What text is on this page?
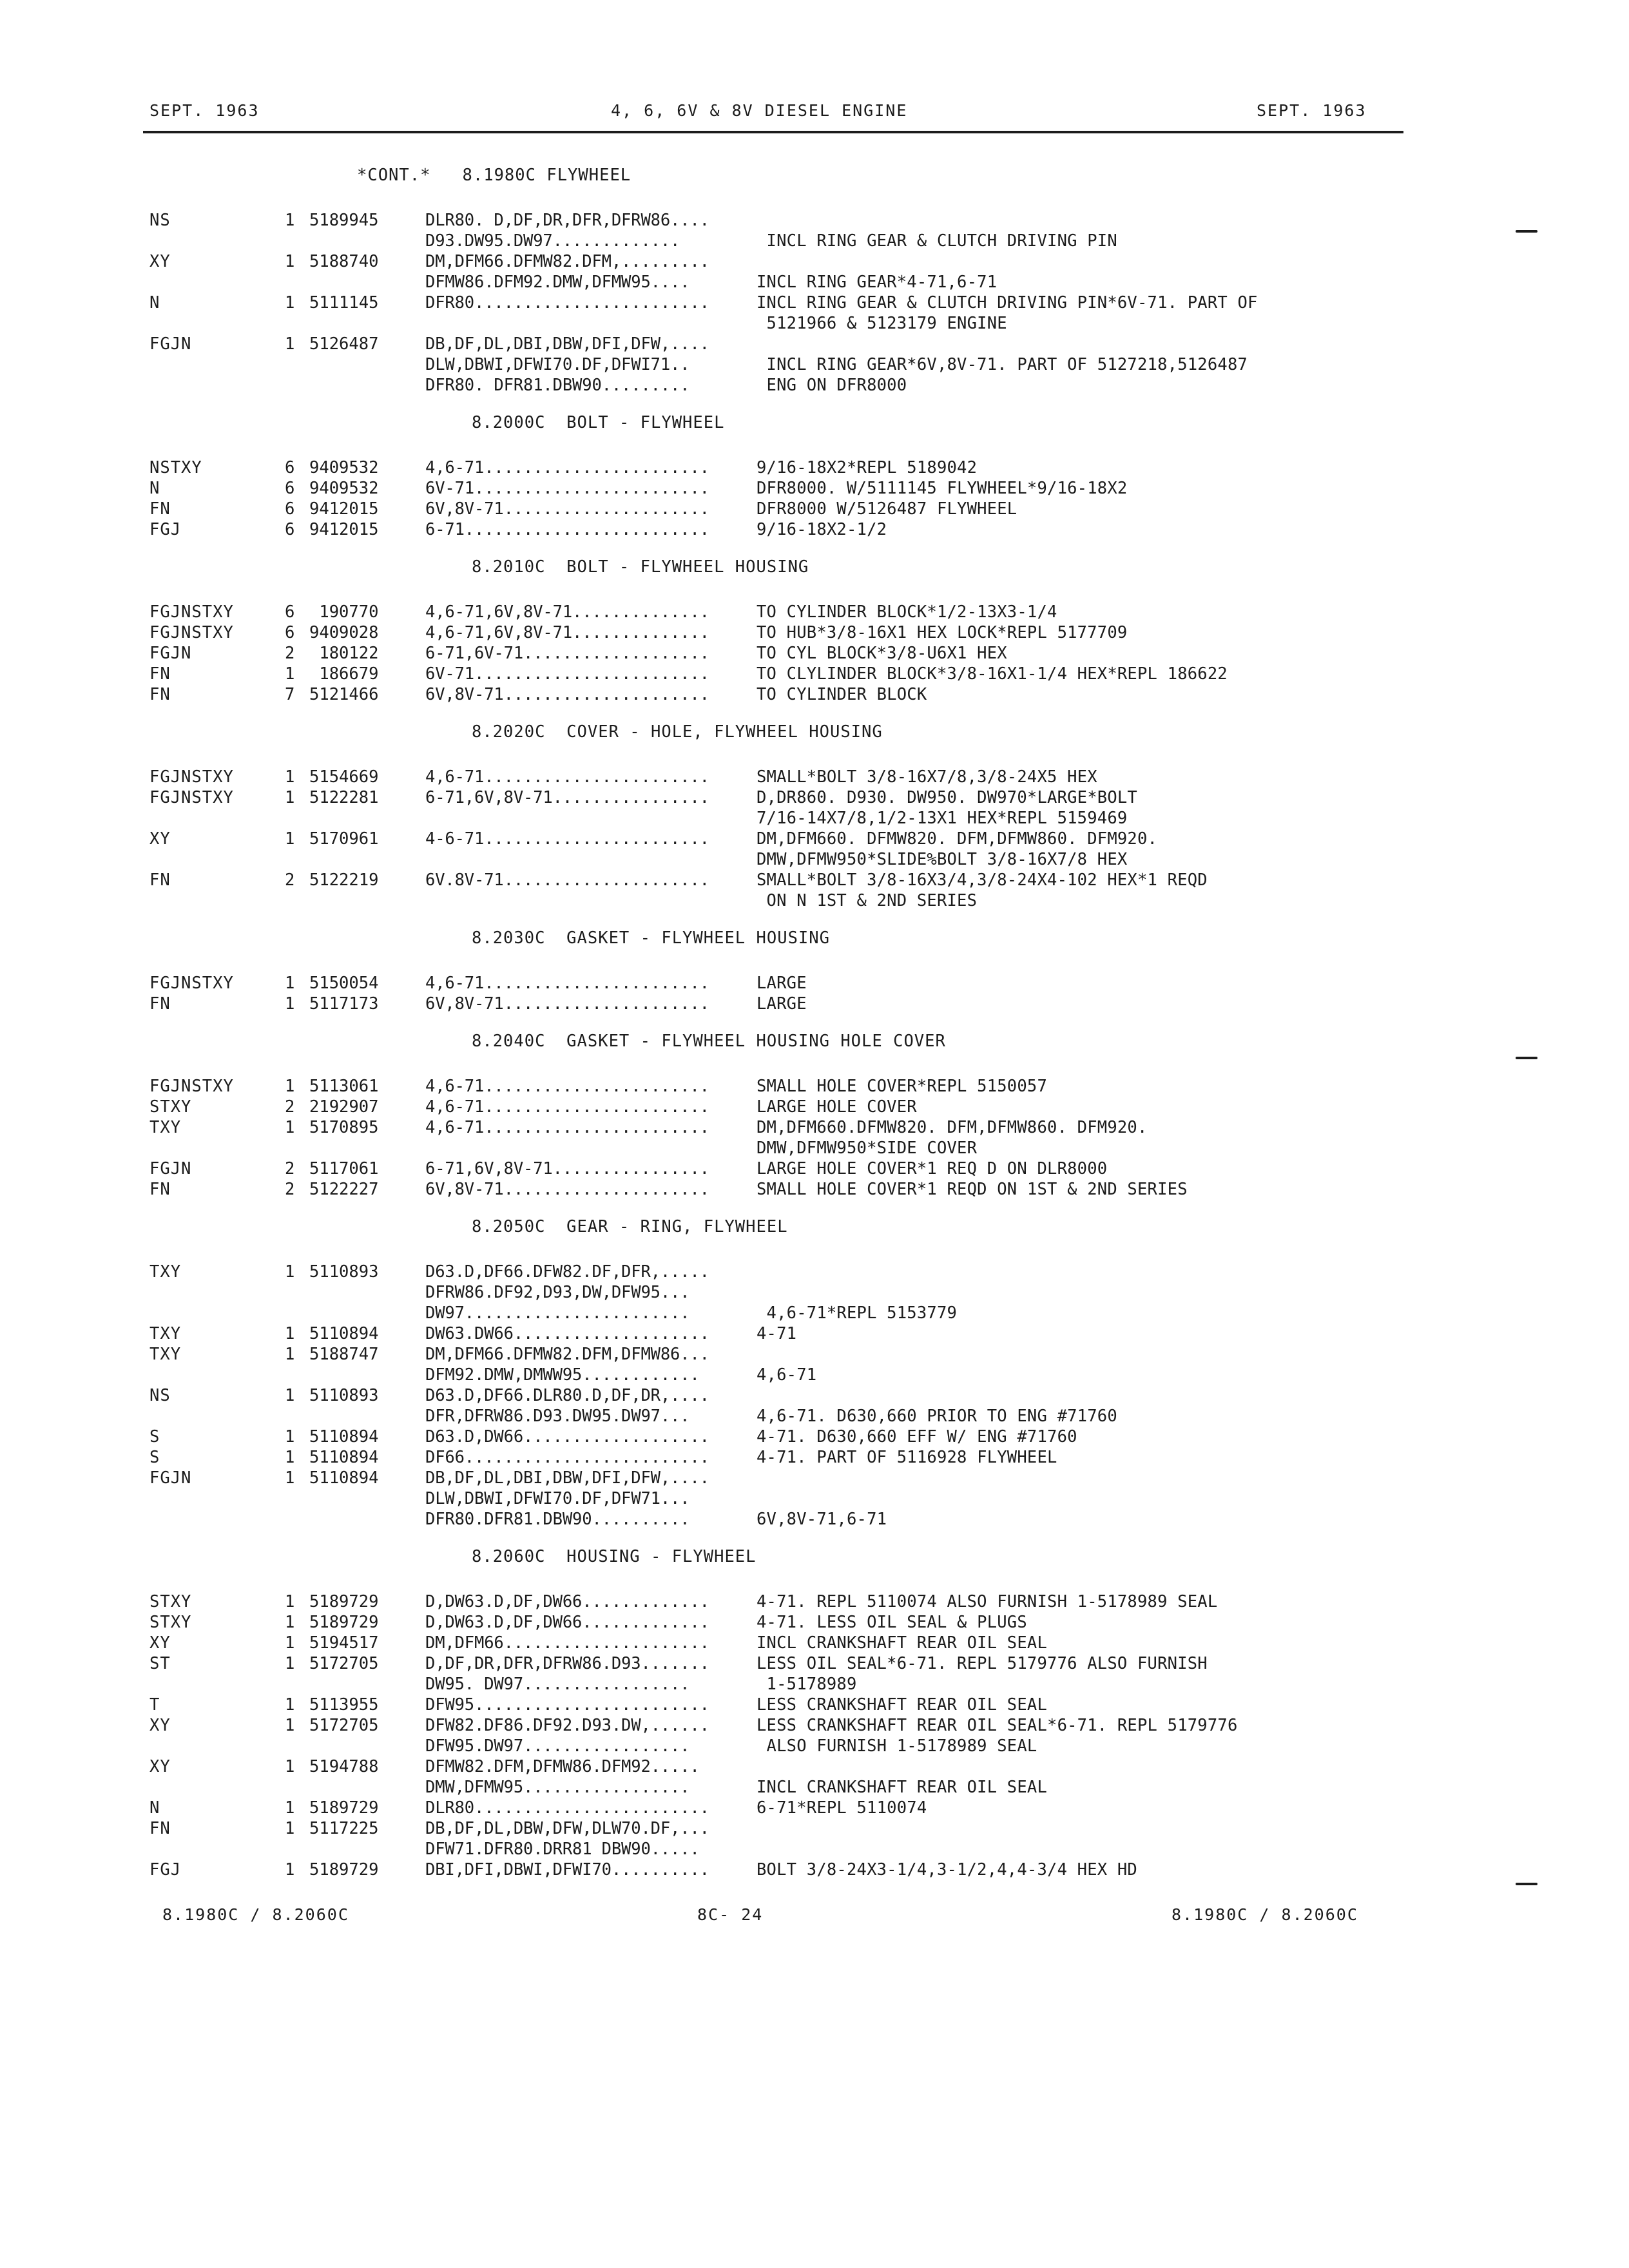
SEPT. 1963	4, 6, 6V & 8V DIESEL ENGINE	SEPT. 1963
*CONT.*   8.1980C FLYWHEEL
NS	1 5189945	DLR80. D,DF,DR,DFR,DFRW86....
D93.DW95.DW97.............	INCL RING GEAR & CLUTCH DRIVING PIN
XY	1 5188740	DM,DFM66.DFMW82.DFM,.........
DFMW86.DFM92.DMW,DFMW95....	INCL RING GEAR*4-71,6-71
N	1 5111145	DFR80........................	INCL RING GEAR & CLUTCH DRIVING PIN*6V-71. PART OF
5121966 & 5123179 ENGINE
FGJN	1 5126487	DB,DF,DL,DBI,DBW,DFI,DFW,....
DLW,DBWI,DFWI70.DF,DFWI71..	INCL RING GEAR*6V,8V-71. PART OF 5127218,5126487
DFR80. DFR81.DBW90.........	ENG ON DFR8000
8.2000C  BOLT - FLYWHEEL
NSTXY	6 9409532	4,6-71.......................	9/16-18X2*REPL 5189042
N	6 9409532	6V-71........................	DFR8000. W/5111145 FLYWHEEL*9/16-18X2
FN	6 9412015	6V,8V-71.....................	DFR8000 W/5126487 FLYWHEEL
FGJ	6 9412015	6-71.........................	9/16-18X2-1/2
8.2010C  BOLT - FLYWHEEL HOUSING
FGJNSTXY	6 190770	4,6-71,6V,8V-71..............	TO CYLINDER BLOCK*1/2-13X3-1/4
FGJNSTXY	6 9409028	4,6-71,6V,8V-71..............	TO HUB*3/8-16X1 HEX LOCK*REPL 5177709
FGJN	2 180122	6-71,6V-71...................	TO CYL BLOCK*3/8-U6X1 HEX
FN	1 186679	6V-71........................	TO CLYLINDER BLOCK*3/8-16X1-1/4 HEX*REPL 186622
FN	7 5121466	6V,8V-71.....................	TO CYLINDER BLOCK
8.2020C  COVER - HOLE, FLYWHEEL HOUSING
FGJNSTXY	1 5154669	4,6-71.......................	SMALL*BOLT 3/8-16X7/8,3/8-24X5 HEX
FGJNSTXY	1 5122281	6-71,6V,8V-71................	D,DR860. D930. DW950. DW970*LARGE*BOLT
7/16-14X7/8,1/2-13X1 HEX*REPL 5159469
XY	1 5170961	4-6-71.......................	DM,DFM660. DFMW820. DFM,DFMW860. DFM920.
DMW,DFMW950*SLIDE%BOLT 3/8-16X7/8 HEX
FN	2 5122219	6V.8V-71.....................	SMALL*BOLT 3/8-16X3/4,3/8-24X4-102 HEX*1 REQD
ON N 1ST & 2ND SERIES
8.2030C  GASKET - FLYWHEEL HOUSING
FGJNSTXY	1 5150054	4,6-71.......................	LARGE
FN	1 5117173	6V,8V-71.....................	LARGE
8.2040C  GASKET - FLYWHEEL HOUSING HOLE COVER
FGJNSTXY	1 5113061	4,6-71.......................	SMALL HOLE COVER*REPL 5150057
STXY	2 2192907	4,6-71.......................	LARGE HOLE COVER
TXY	1 5170895	4,6-71.......................	DM,DFM660.DFMW820. DFM,DFMW860. DFM920.
DMW,DFMW950*SIDE COVER
FGJN	2 5117061	6-71,6V,8V-71................	LARGE HOLE COVER*1 REQ D ON DLR8000
FN	2 5122227	6V,8V-71.....................	SMALL HOLE COVER*1 REQD ON 1ST & 2ND SERIES
8.2050C  GEAR - RING, FLYWHEEL
TXY	1 5110893	D63.D,DF66.DFW82.DF,DFR,.....
DFRW86.DF92,D93,DW,DFW95...
DW97.......................	4,6-71*REPL 5153779
TXY	1 5110894	DW63.DW66....................	4-71
TXY	1 5188747	DM,DFM66.DFMW82.DFM,DFMW86...
DFM92.DMW,DMWW95............	4,6-71
NS	1 5110893	D63.D,DF66.DLR80.D,DF,DR,....
DFR,DFRW86.D93.DW95.DW97...	4,6-71. D630,660 PRIOR TO ENG #71760
S	1 5110894	D63.D,DW66...................	4-71. D630,660 EFF W/ ENG #71760
S	1 5110894	DF66.........................	4-71. PART OF 5116928 FLYWHEEL
FGJN	1 5110894	DB,DF,DL,DBI,DBW,DFI,DFW,....
DLW,DBWI,DFWI70.DF,DFW71...
DFR80.DFR81.DBW90..........	6V,8V-71,6-71
8.2060C  HOUSING - FLYWHEEL
STXY	1 5189729	D,DW63.D,DF,DW66.............	4-71. REPL 5110074 ALSO FURNISH 1-5178989 SEAL
STXY	1 5189729	D,DW63.D,DF,DW66.............	4-71. LESS OIL SEAL & PLUGS
XY	1 5194517	DM,DFM66.....................	INCL CRANKSHAFT REAR OIL SEAL
ST	1 5172705	D,DF,DR,DFR,DFRW86.D93.......	LESS OIL SEAL*6-71. REPL 5179776 ALSO FURNISH
DW95. DW97.................	1-5178989
T	1 5113955	DFW95........................	LESS CRANKSHAFT REAR OIL SEAL
XY	1 5172705	DFW82.DF86.DF92.D93.DW,......	LESS CRANKSHAFT REAR OIL SEAL*6-71. REPL 5179776
DFW95.DW97.................	ALSO FURNISH 1-5178989 SEAL
XY	1 5194788	DFMW82.DFM,DFMW86.DFM92.....
DMW,DFMW95.................	INCL CRANKSHAFT REAR OIL SEAL
N	1 5189729	DLR80........................	6-71*REPL 5110074
FN	1 5117225	DB,DF,DL,DBW,DFW,DLW70.DF,...
DFW71.DFR80.DRR81 DBW90.....
FGJ	1 5189729	DBI,DFI,DBWI,DFWI70..........	BOLT 3/8-24X3-1/4,3-1/2,4,4-3/4 HEX HD
8.1980C / 8.2060C	8C- 24	8.1980C / 8.2060C
